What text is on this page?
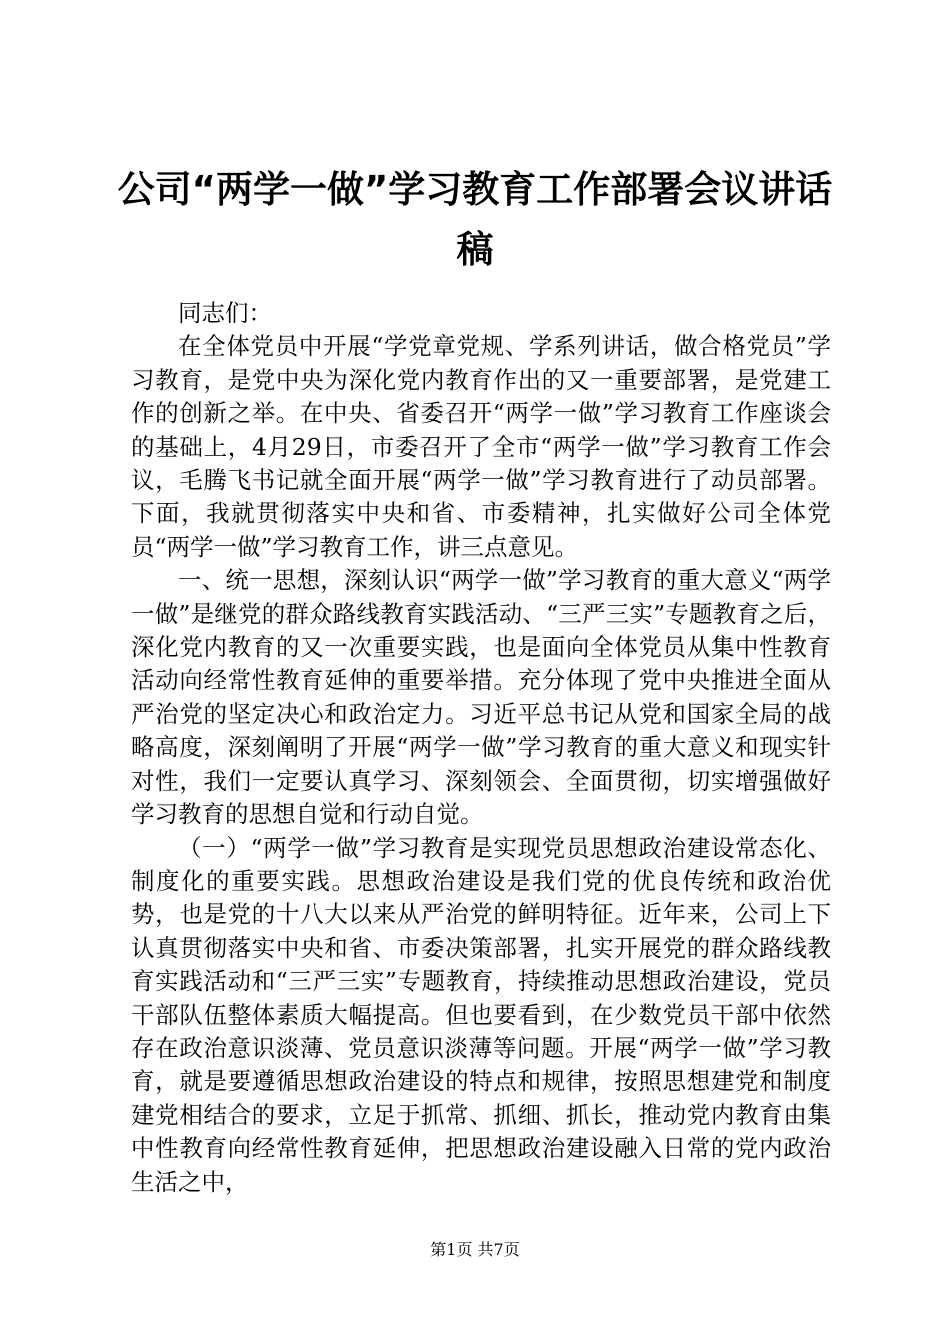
公司“两学一做”学习教育工作部署会议讲话稿

同志们：

在全体党员中开展“学党章党规、学系列讲话，做合格党员”学习教育，是党中央为深化党内教育作出的又一重要部署，是党建工作的创新之举。在中央、省委召开“两学一做”学习教育工作座谈会的基础上，4月29日，市委召开了全市“两学一做”学习教育工作会议，毛腾飞书记就全面开展“两学一做”学习教育进行了动员部署。下面，我就贯彻落实中央和省、市委精神，扎实做好公司全体党员“两学一做”学习教育工作，讲三点意见。

一、统一思想，深刻认识“两学一做”学习教育的重大意义“两学一做”是继党的群众路线教育实践活动、“三严三实”专题教育之后，深化党内教育的又一次重要实践，也是面向全体党员从集中性教育活动向经常性教育延伸的重要举措。充分体现了党中央推进全面从严治党的坚定决心和政治定力。习近平总书记从党和国家全局的战略高度，深刻阐明了开展“两学一做”学习教育的重大意义和现实针对性，我们一定要认真学习、深刻领会、全面贯彻，切实增强做好学习教育的思想自觉和行动自觉。

（一）“两学一做”学习教育是实现党员思想政治建设常态化、制度化的重要实践。思想政治建设是我们党的优良传统和政治优势，也是党的十八大以来从严治党的鲜明特征。近年来，公司上下认真贯彻落实中央和省、市委决策部署，扎实开展党的群众路线教育实践活动和“三严三实”专题教育，持续推动思想政治建设，党员干部队伍整体素质大幅提高。但也要看到，在少数党员干部中依然存在政治意识淡薄、党员意识淡薄等问题。开展“两学一做”学习教育，就是要遵循思想政治建设的特点和规律，按照思想建党和制度建党相结合的要求，立足于抓常、抓细、抓长，推动党内教育由集中性教育向经常性教育延伸，把思想政治建设融入日常的党内政治生活之中，

第1页 共7页
